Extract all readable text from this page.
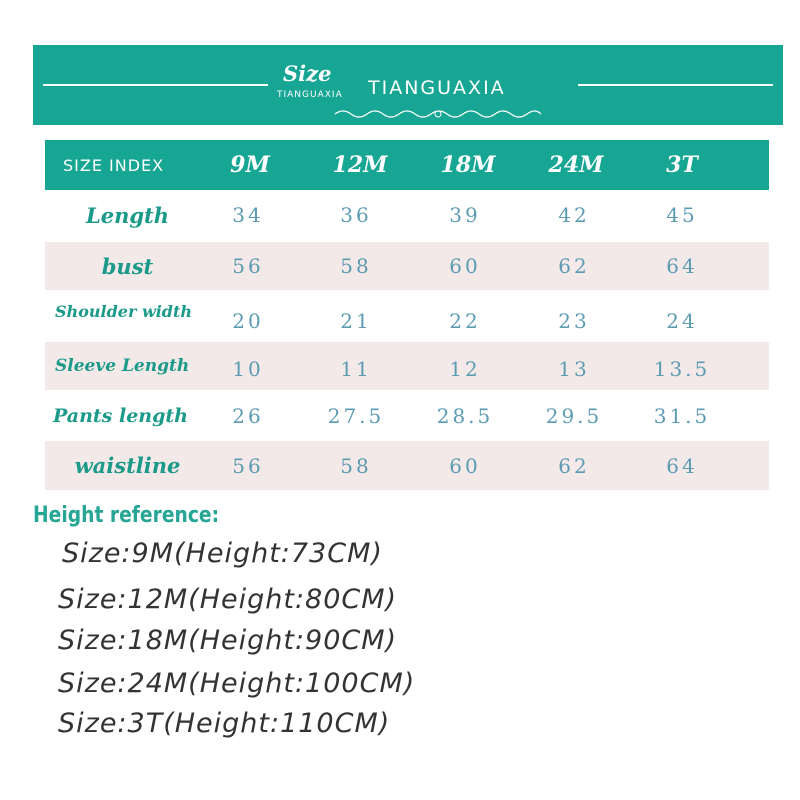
Size
TIANGUAXIA TIANGUAXIA
SIZE INDEX	9M	12M	18M	24M	3T
Length	34	36	39	42	45
bust	56	58	60	62	64
Shoulder width	20	21	22	23	24
Sleeve Length	10	11	12	13	13.5
Pants length	26	27.5	28.5	29.5	31.5
waistline	56	58	60	62	64
Height reference:
Size:9M(Height:73CM)
Size:12M(Height:80CM)
Size:18M(Height:90CM)
Size:24M(Height:100CM)
Size:3T(Height:110CM)
